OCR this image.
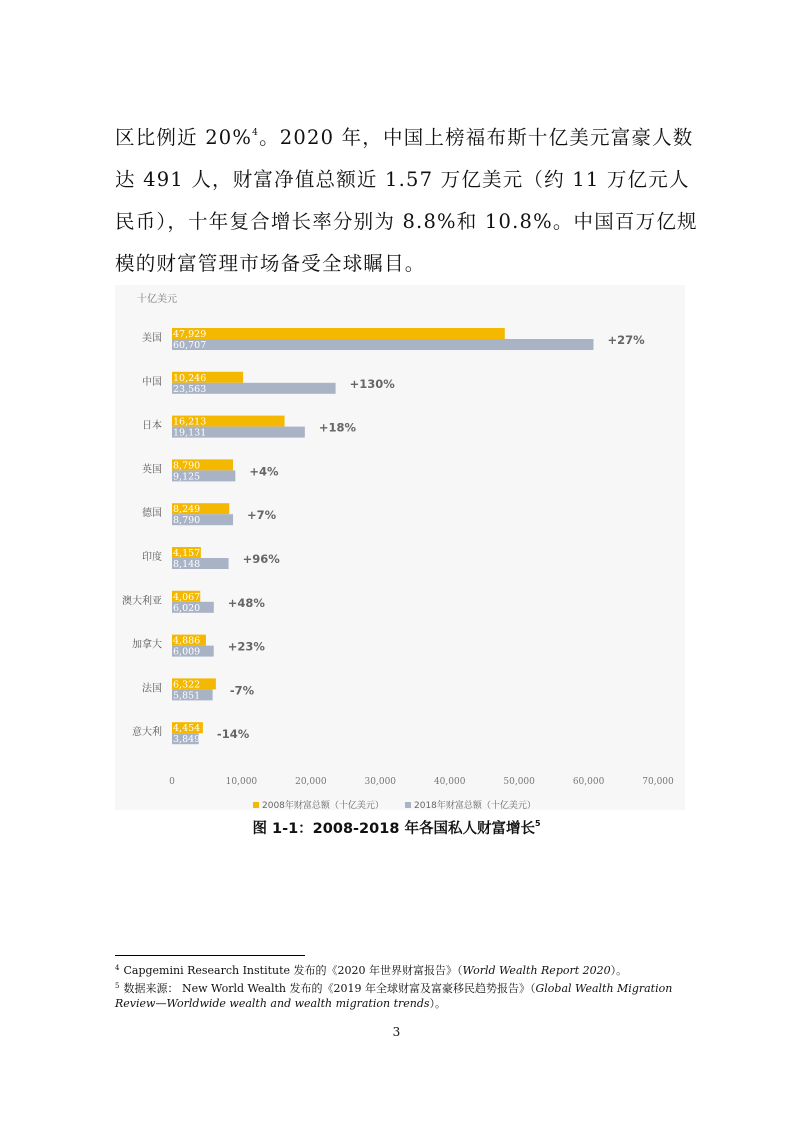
区比例近 20%$^4$。2020 年，中国上榜福布斯十亿美元富豪人数

达 491 人，财富净值总额近 1.57 万亿美元（约 11 万亿元人

民币），十年复合增长率分别为 8.8%和 10.8%。中国百万亿规

模的财富管理市场备受全球瞩目。

十亿美元
美国 47,929
60,707	+27%
中国 10,246
23,563	+130%
日本 16,213
19,131	+18%
英国 8,790
9,125	+4%
德国 8,249
8,790	+7%
印度 4,157
8,148	+96%
澳大利亚 4,067
6,020 +48%
加拿大 4,886
6,009 +23%
法国 6,322
5,851	-7%
意大利 4,454
3,849 -14%
0	10,000	20,000	30,000	40,000	50,000	60,000	70,000
2008年财富总额（十亿美元）	2018年财富总额（十亿美元）
图 1-1：2008-2018 年各国私人财富增长$^5$

$^4$ Capgemini Research Institute 发布的《2020 年世界财富报告》（World Wealth Report 2020）。

$^5$ 数据来源： New World Wealth 发布的《2019 年全球财富及富豪移民趋势报告》（Global Wealth Migration Review—Worldwide wealth and wealth migration trends）。

3
